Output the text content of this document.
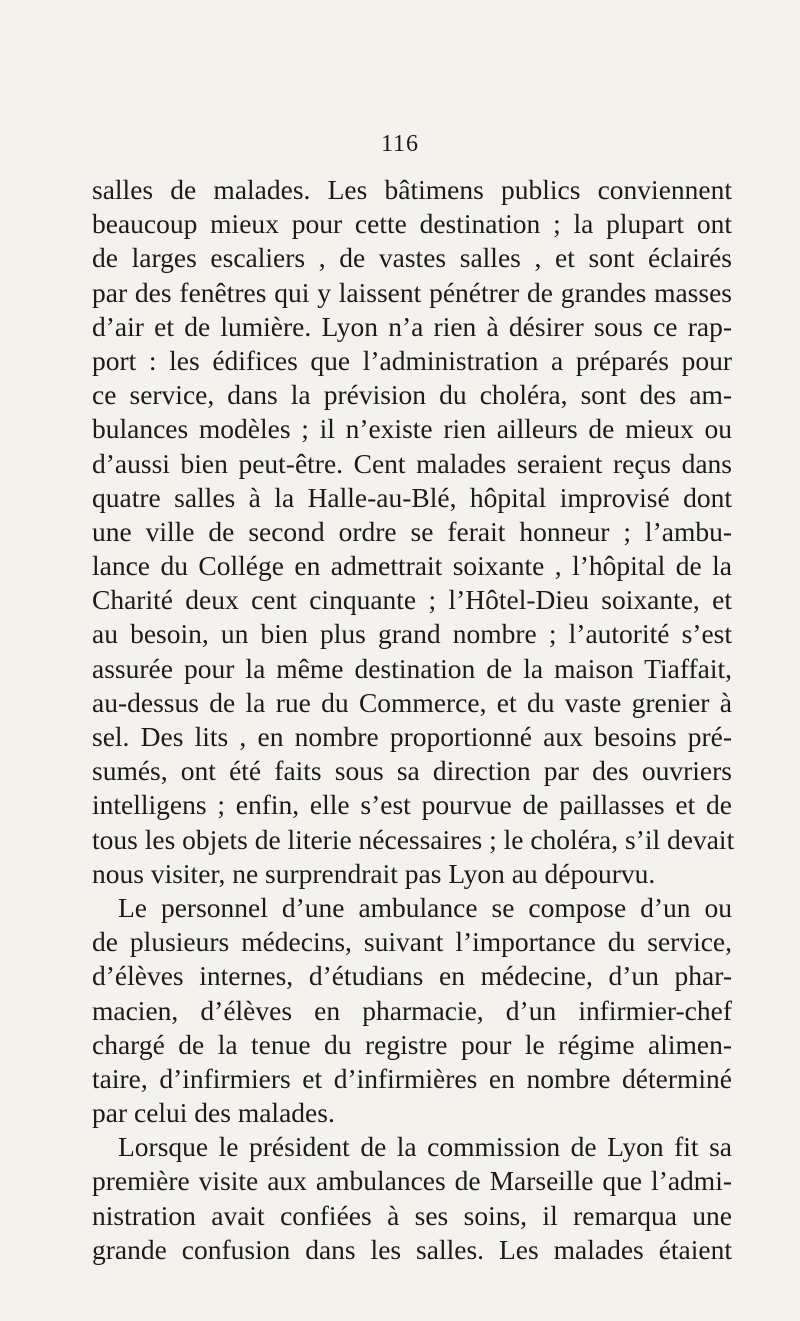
116
salles de malades. Les bâtimens publics conviennent
beaucoup mieux pour cette destination ; la plupart ont
de larges escaliers , de vastes salles , et sont éclairés
par des fenêtres qui y laissent pénétrer de grandes masses
d’air et de lumière. Lyon n’a rien à désirer sous ce rap-
port : les édifices que l’administration a préparés pour
ce service, dans la prévision du choléra, sont des am-
bulances modèles ; il n’existe rien ailleurs de mieux ou
d’aussi bien peut-être. Cent malades seraient reçus dans
quatre salles à la Halle-au-Blé, hôpital improvisé dont
une ville de second ordre se ferait honneur ; l’ambu-
lance du Collége en admettrait soixante , l’hôpital de la
Charité deux cent cinquante ; l’Hôtel-Dieu soixante, et
au besoin, un bien plus grand nombre ; l’autorité s’est
assurée pour la même destination de la maison Tiaffait,
au-dessus de la rue du Commerce, et du vaste grenier à
sel. Des lits , en nombre proportionné aux besoins pré-
sumés, ont été faits sous sa direction par des ouvriers
intelligens ; enfin, elle s’est pourvue de paillasses et de
tous les objets de literie nécessaires ; le choléra, s’il devait
nous visiter, ne surprendrait pas Lyon au dépourvu.
Le personnel d’une ambulance se compose d’un ou
de plusieurs médecins, suivant l’importance du service,
d’élèves internes, d’étudians en médecine, d’un phar-
macien, d’élèves en pharmacie, d’un infirmier-chef
chargé de la tenue du registre pour le régime alimen-
taire, d’infirmiers et d’infirmières en nombre déterminé
par celui des malades.
Lorsque le président de la commission de Lyon fit sa
première visite aux ambulances de Marseille que l’admi-
nistration avait confiées à ses soins, il remarqua une
grande confusion dans les salles. Les malades étaient
